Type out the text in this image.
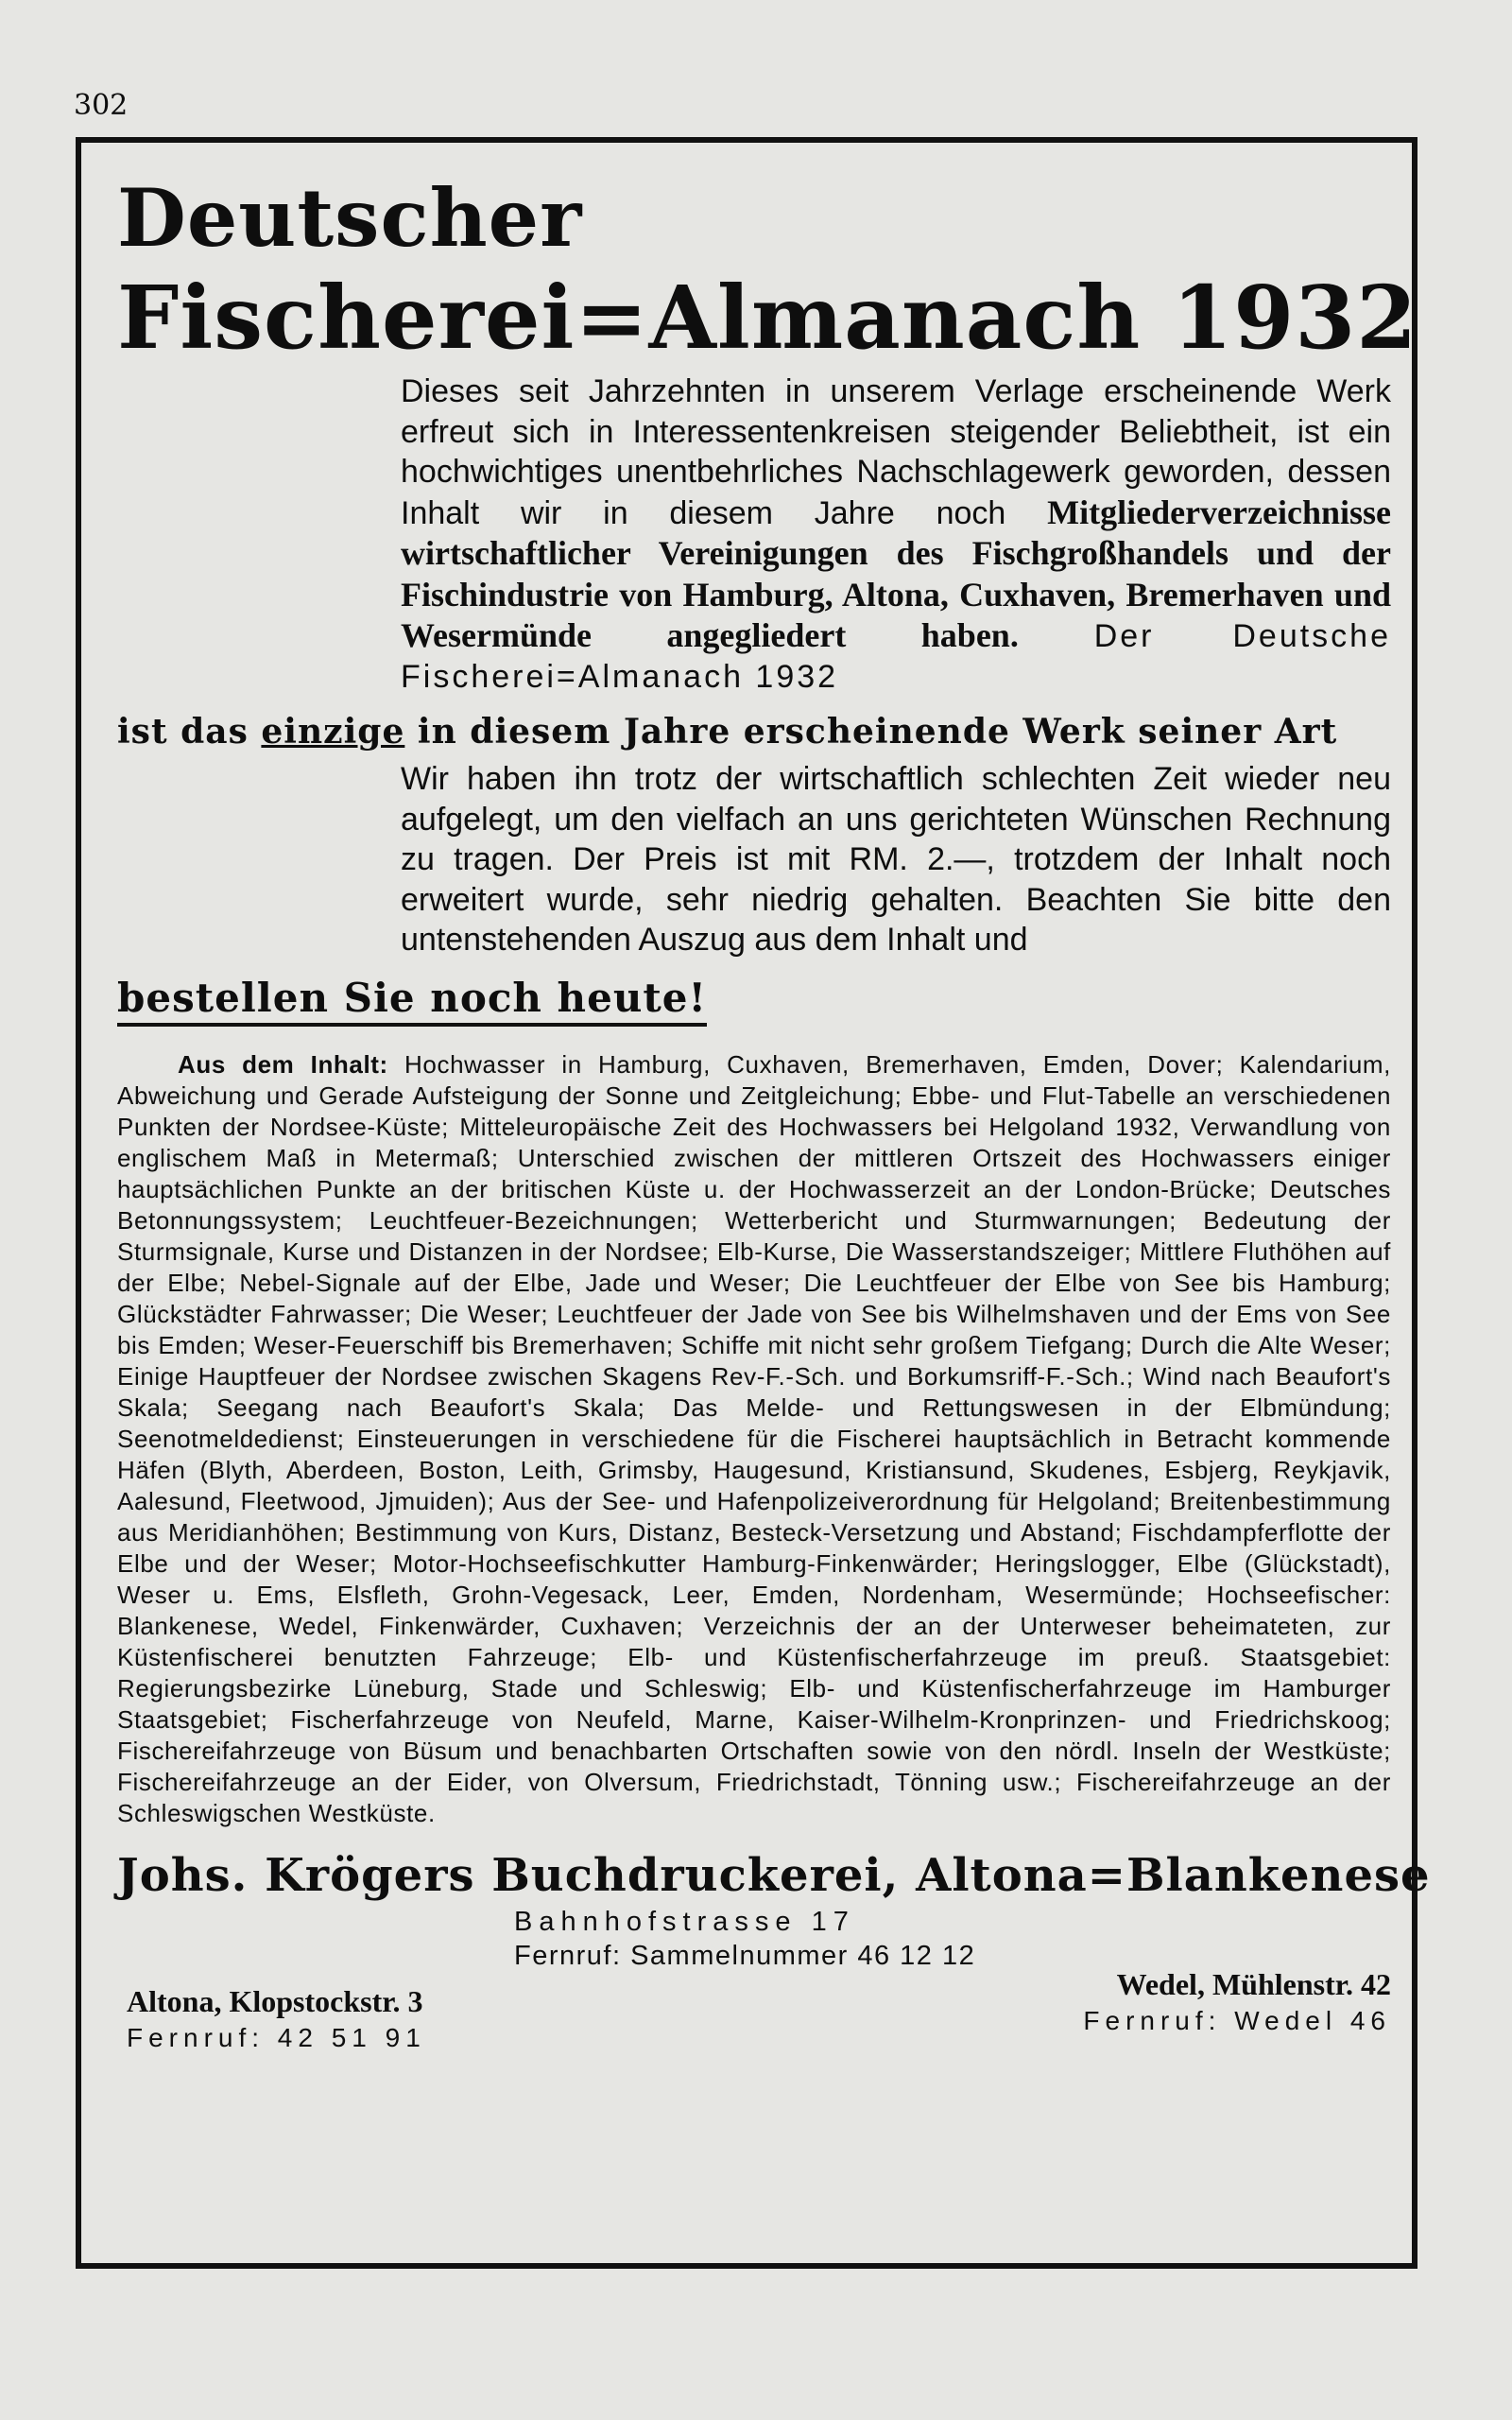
302
Deutscher
Fischerei=Almanach 1932
Dieses seit Jahrzehnten in unserem Verlage erscheinende Werk erfreut sich in Interessentenkreisen steigender Beliebtheit, ist ein hochwichtiges unentbehrliches Nachschlagewerk geworden, dessen Inhalt wir in diesem Jahre noch Mitgliederverzeichnisse wirtschaftlicher Vereinigungen des Fischgroßhandels und der Fischindustrie von Hamburg, Altona, Cuxhaven, Bremerhaven und Wesermünde angegliedert haben. Der Deutsche Fischerei=Almanach 1932
ist das einzige in diesem Jahre erscheinende Werk seiner Art
Wir haben ihn trotz der wirtschaftlich schlechten Zeit wieder neu aufgelegt, um den vielfach an uns gerichteten Wünschen Rechnung zu tragen. Der Preis ist mit RM. 2.—, trotzdem der Inhalt noch erweitert wurde, sehr niedrig gehalten. Beachten Sie bitte den untenstehenden Auszug aus dem Inhalt und
bestellen Sie noch heute!
Aus dem Inhalt: Hochwasser in Hamburg, Cuxhaven, Bremerhaven, Emden, Dover; Kalendarium, Abweichung und Gerade Aufsteigung der Sonne und Zeitgleichung; Ebbe- und Flut-Tabelle an verschiedenen Punkten der Nordsee-Küste; Mitteleuropäische Zeit des Hochwassers bei Helgoland 1932, Verwandlung von englischem Maß in Metermaß; Unterschied zwischen der mittleren Ortszeit des Hochwassers einiger hauptsächlichen Punkte an der britischen Küste u. der Hochwasserzeit an der London-Brücke; Deutsches Betonnungssystem; Leuchtfeuer-Bezeichnungen; Wetterbericht und Sturmwarnungen; Bedeutung der Sturmsignale, Kurse und Distanzen in der Nordsee; Elb-Kurse, Die Wasserstandszeiger; Mittlere Fluthöhen auf der Elbe; Nebel-Signale auf der Elbe, Jade und Weser; Die Leuchtfeuer der Elbe von See bis Hamburg; Glückstädter Fahrwasser; Die Weser; Leuchtfeuer der Jade von See bis Wilhelmshaven und der Ems von See bis Emden; Weser-Feuerschiff bis Bremerhaven; Schiffe mit nicht sehr großem Tiefgang; Durch die Alte Weser; Einige Hauptfeuer der Nordsee zwischen Skagens Rev-F.-Sch. und Borkumsriff-F.-Sch.; Wind nach Beaufort's Skala; Seegang nach Beaufort's Skala; Das Melde- und Rettungswesen in der Elbmündung; Seenotmeldedienst; Einsteuerungen in verschiedene für die Fischerei hauptsächlich in Betracht kommende Häfen (Blyth, Aberdeen, Boston, Leith, Grimsby, Haugesund, Kristiansund, Skudenes, Esbjerg, Reykjavik, Aalesund, Fleetwood, Jjmuiden); Aus der See- und Hafenpolizeiverordnung für Helgoland; Breitenbestimmung aus Meridianhöhen; Bestimmung von Kurs, Distanz, Besteck-Versetzung und Abstand; Fischdampferflotte der Elbe und der Weser; Motor-Hochseefischkutter Hamburg-Finkenwärder; Heringslogger, Elbe (Glückstadt), Weser u. Ems, Elsfleth, Grohn-Vegesack, Leer, Emden, Nordenham, Wesermünde; Hochseefischer: Blankenese, Wedel, Finkenwärder, Cuxhaven; Verzeichnis der an der Unterweser beheimateten, zur Küstenfischerei benutzten Fahrzeuge; Elb- und Küstenfischerfahrzeuge im preuß. Staatsgebiet: Regierungsbezirke Lüneburg, Stade und Schleswig; Elb- und Küstenfischerfahrzeuge im Hamburger Staatsgebiet; Fischerfahrzeuge von Neufeld, Marne, Kaiser-Wilhelm-Kronprinzen- und Friedrichskoog; Fischereifahrzeuge von Büsum und benachbarten Ortschaften sowie von den nördl. Inseln der Westküste; Fischereifahrzeuge an der Eider, von Olversum, Friedrichstadt, Tönning usw.; Fischereifahrzeuge an der Schleswigschen Westküste.
Johs. Krögers Buchdruckerei, Altona=Blankenese
Bahnhofstrasse 17
Fernruf: Sammelnummer 46 12 12
Altona, Klopstockstr. 3
Fernruf: 42 51 91
Wedel, Mühlenstr. 42
Fernruf: Wedel 46
